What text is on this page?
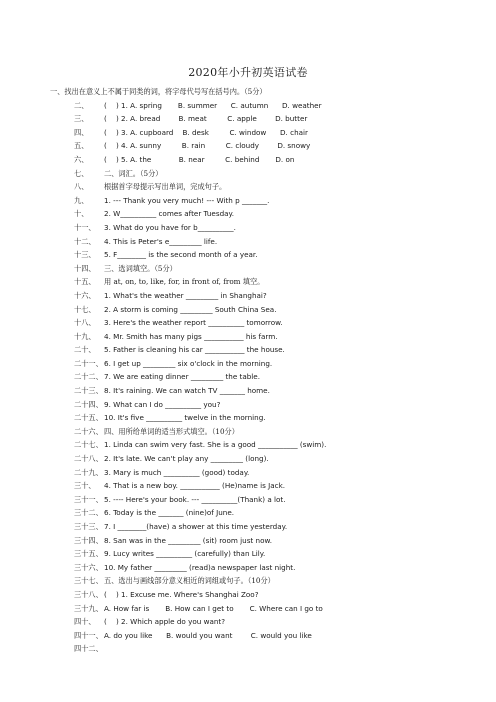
2020年小升初英语试卷
一、找出在意义上不属于同类的词，将字母代号写在括号内。（5分）
二、 (    ) 1. A. spring       B. summer      C. autumn      D. weather
三、 (    ) 2. A. bread        B. meat         C. apple        D. butter
四、 (    ) 3. A. cupboard    B. desk         C. window      D. chair
五、 (    ) 4. A. sunny         B. rain         C. cloudy        D. snowy
六、 (    ) 5. A. the            B. near         C. behind       D. on
七、 二、词汇。（5分）
八、 根据首字母提示写出单词，完成句子。
九、 1. --- Thank you very much! --- With p _______.
十、 2. W__________ comes after Tuesday.
十一、 3. What do you have for b__________.
十二、 4. This is Peter's e_________ life.
十三、 5. F________ is the second month of a year.
十四、 三、选词填空。（5分）
十五、 用 at, on, to, like, for, in front of, from 填空。
十六、 1. What's the weather _________ in Shanghai?
十七、 2. A storm is coming _________ South China Sea.
十八、 3. Here's the weather report __________ tomorrow.
十九、 4. Mr. Smith has many pigs ___________ his farm.
二十、 5. Father is cleaning his car ___________ the house.
二十一、6. I get up _________ six o'clock in the morning.
二十二、7. We are eating dinner _________ the table.
二十三、8. It's raining. We can watch TV _______ home.
二十四、9. What can I do __________ you?
二十五、10. It's five __________ twelve in the morning.
二十六、四、用所给单词的适当形式填空。（10分）
二十七、1. Linda can swim very fast. She is a good ___________ (swim).
二十八、2. It's late. We can't play any _________ (long).
二十九、3. Mary is much __________ (good) today.
三十、 4. That is a new boy. ___________ (He)name is Jack.
三十一、5. ---- Here's your book. --- __________(Thank) a lot.
三十二、6. Today is the _______ (nine)of June.
三十三、7. I ________(have) a shower at this time yesterday.
三十四、8. San was in the _________ (sit) room just now.
三十五、9. Lucy writes __________ (carefully) than Lily.
三十六、10. My father _________ (read)a newspaper last night.
三十七、五、选出与画线部分意义相近的词组或句子。（10分）
三十八、(    ) 1. Excuse me. Where's Shanghai Zoo?
三十九、A. How far is       B. How can I get to       C. Where can I go to
四十、 (    ) 2. Which apple do you want?
四十一、A. do you like      B. would you want        C. would you like
四十二、
